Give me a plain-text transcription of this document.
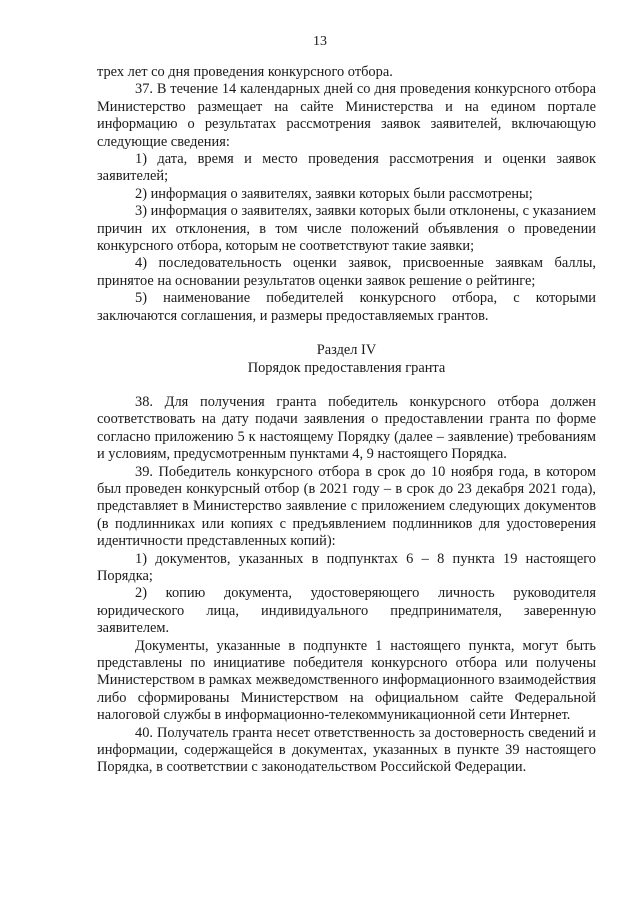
13

трех лет со дня проведения конкурсного отбора.

37. В течение 14 календарных дней со дня проведения конкурсного отбора Министерство размещает на сайте Министерства и на едином портале информацию о результатах рассмотрения заявок заявителей, включающую следующие сведения:

1) дата, время и место проведения рассмотрения и оценки заявок заявителей;

2) информация о заявителях, заявки которых были рассмотрены;

3) информация о заявителях, заявки которых были отклонены, с указанием причин их отклонения, в том числе положений объявления о проведении конкурсного отбора, которым не соответствуют такие заявки;

4) последовательность оценки заявок, присвоенные заявкам баллы, принятое на основании результатов оценки заявок решение о рейтинге;

5) наименование победителей конкурсного отбора, с которыми заключаются соглашения, и размеры предоставляемых грантов.

Раздел IV

Порядок предоставления гранта

38. Для получения гранта победитель конкурсного отбора должен соответствовать на дату подачи заявления о предоставлении гранта по форме согласно приложению 5 к настоящему Порядку (далее – заявление) требованиям и условиям, предусмотренным пунктами 4, 9 настоящего Порядка.

39. Победитель конкурсного отбора в срок до 10 ноября года, в котором был проведен конкурсный отбор (в 2021 году – в срок до 23 декабря 2021 года), представляет в Министерство заявление с приложением следующих документов (в подлинниках или копиях с предъявлением подлинников для удостоверения идентичности представленных копий):

1) документов, указанных в подпунктах 6 – 8 пункта 19 настоящего Порядка;

2) копию документа, удостоверяющего личность руководителя юридического лица, индивидуального предпринимателя, заверенную заявителем.

Документы, указанные в подпункте 1 настоящего пункта, могут быть представлены по инициативе победителя конкурсного отбора или получены Министерством в рамках межведомственного информационного взаимодействия либо сформированы Министерством на официальном сайте Федеральной налоговой службы в информационно-телекоммуникационной сети Интернет.

40. Получатель гранта несет ответственность за достоверность сведений и информации, содержащейся в документах, указанных в пункте 39 настоящего Порядка, в соответствии с законодательством Российской Федерации.
